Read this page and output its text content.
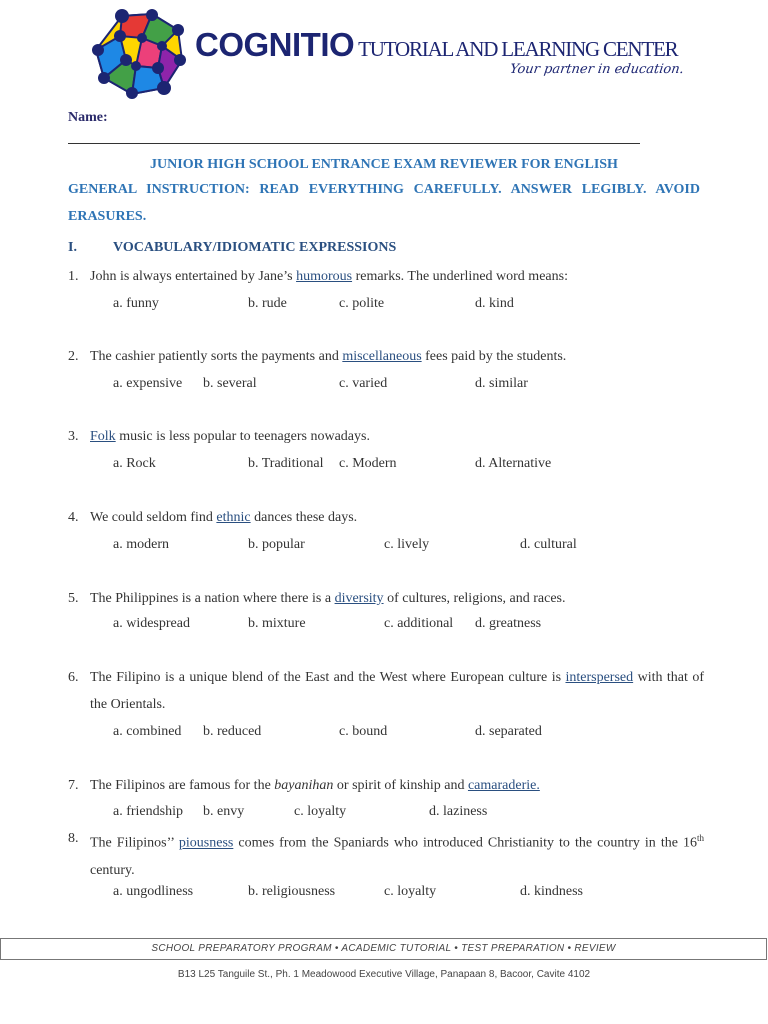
COGNITIO TUTORIAL AND LEARNING CENTER
Your partner in education.
Name:
JUNIOR HIGH SCHOOL ENTRANCE EXAM REVIEWER FOR ENGLISH
GENERAL INSTRUCTION: READ EVERYTHING CAREFULLY. ANSWER LEGIBLY. AVOID ERASURES.
I.	VOCABULARY/IDIOMATIC EXPRESSIONS
1. John is always entertained by Jane’s humorous remarks. The underlined word means:
a. funny	b. rude	c. polite	d. kind
2. The cashier patiently sorts the payments and miscellaneous fees paid by the students.
a. expensive b. several	c. varied	d. similar
3. Folk music is less popular to teenagers nowadays.
a. Rock	b. Traditional c. Modern	d. Alternative
4. We could seldom find ethnic dances these days.
a. modern	b. popular	c. lively	d. cultural
5. The Philippines is a nation where there is a diversity of cultures, religions, and races.
a. widespread	b. mixture	c. additional d. greatness
6. The Filipino is a unique blend of the East and the West where European culture is interspersed with that of the Orientals.
a. combined b. reduced	c. bound	d. separated
7. The Filipinos are famous for the bayanihan or spirit of kinship and camaraderie.
a. friendship b. envy	c. loyalty	d. laziness
8. The Filipinos’’ piousness comes from the Spaniards who introduced Christianity to the country in the 16th century.
a. ungodliness	b. religiousness	c. loyalty	d. kindness
SCHOOL PREPARATORY PROGRAM • ACADEMIC TUTORIAL • TEST PREPARATION • REVIEW
B13 L25 Tanguile St., Ph. 1 Meadowood Executive Village, Panapaan 8, Bacoor, Cavite 4102
